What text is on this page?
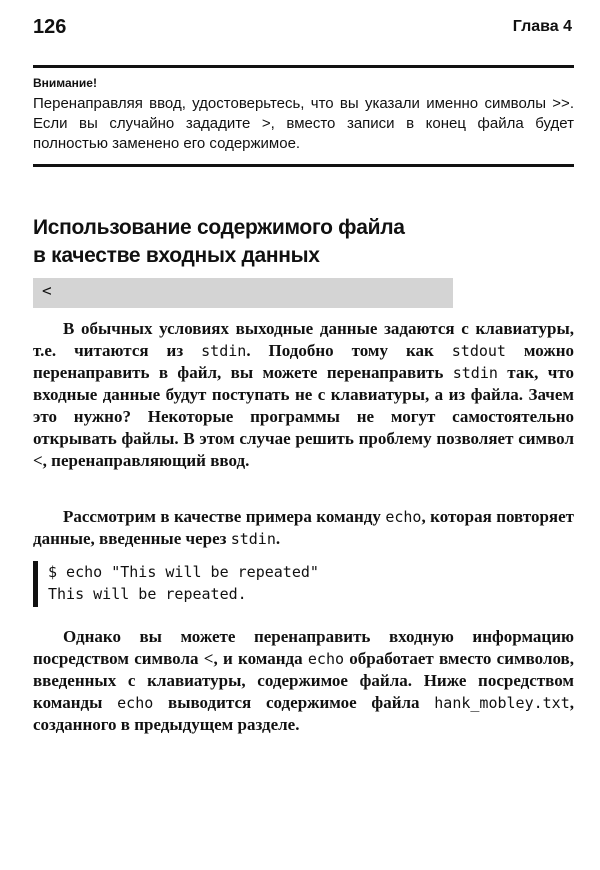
126	Глава 4
Внимание!
Перенаправляя ввод, удостоверьтесь, что вы указали именно символы >>. Если вы случайно зададите >, вместо записи в конец файла будет полностью заменено его содержимое.
Использование содержимого файла
в качестве входных данных
<

В обычных условиях выходные данные задаются с клавиатуры, т.е. читаются из stdin. Подобно тому как stdout можно перенаправить в файл, вы можете перенаправить stdin так, что входные данные будут поступать не с клавиатуры, а из файла. Зачем это нужно? Некоторые программы не могут самостоятельно открывать файлы. В этом случае решить проблему позволяет символ <, перенаправляющий ввод.

Рассмотрим в качестве примера команду echo, которая повторяет данные, введенные через stdin.

$ echo "This will be repeated"
This will be repeated.

Однако вы можете перенаправить входную информацию посредством символа <, и команда echo обработает вместо символов, введенных с клавиатуры, содержимое файла. Ниже посредством команды echo выводится содержимое файла hank_mobley.txt, созданного в предыдущем разделе.
